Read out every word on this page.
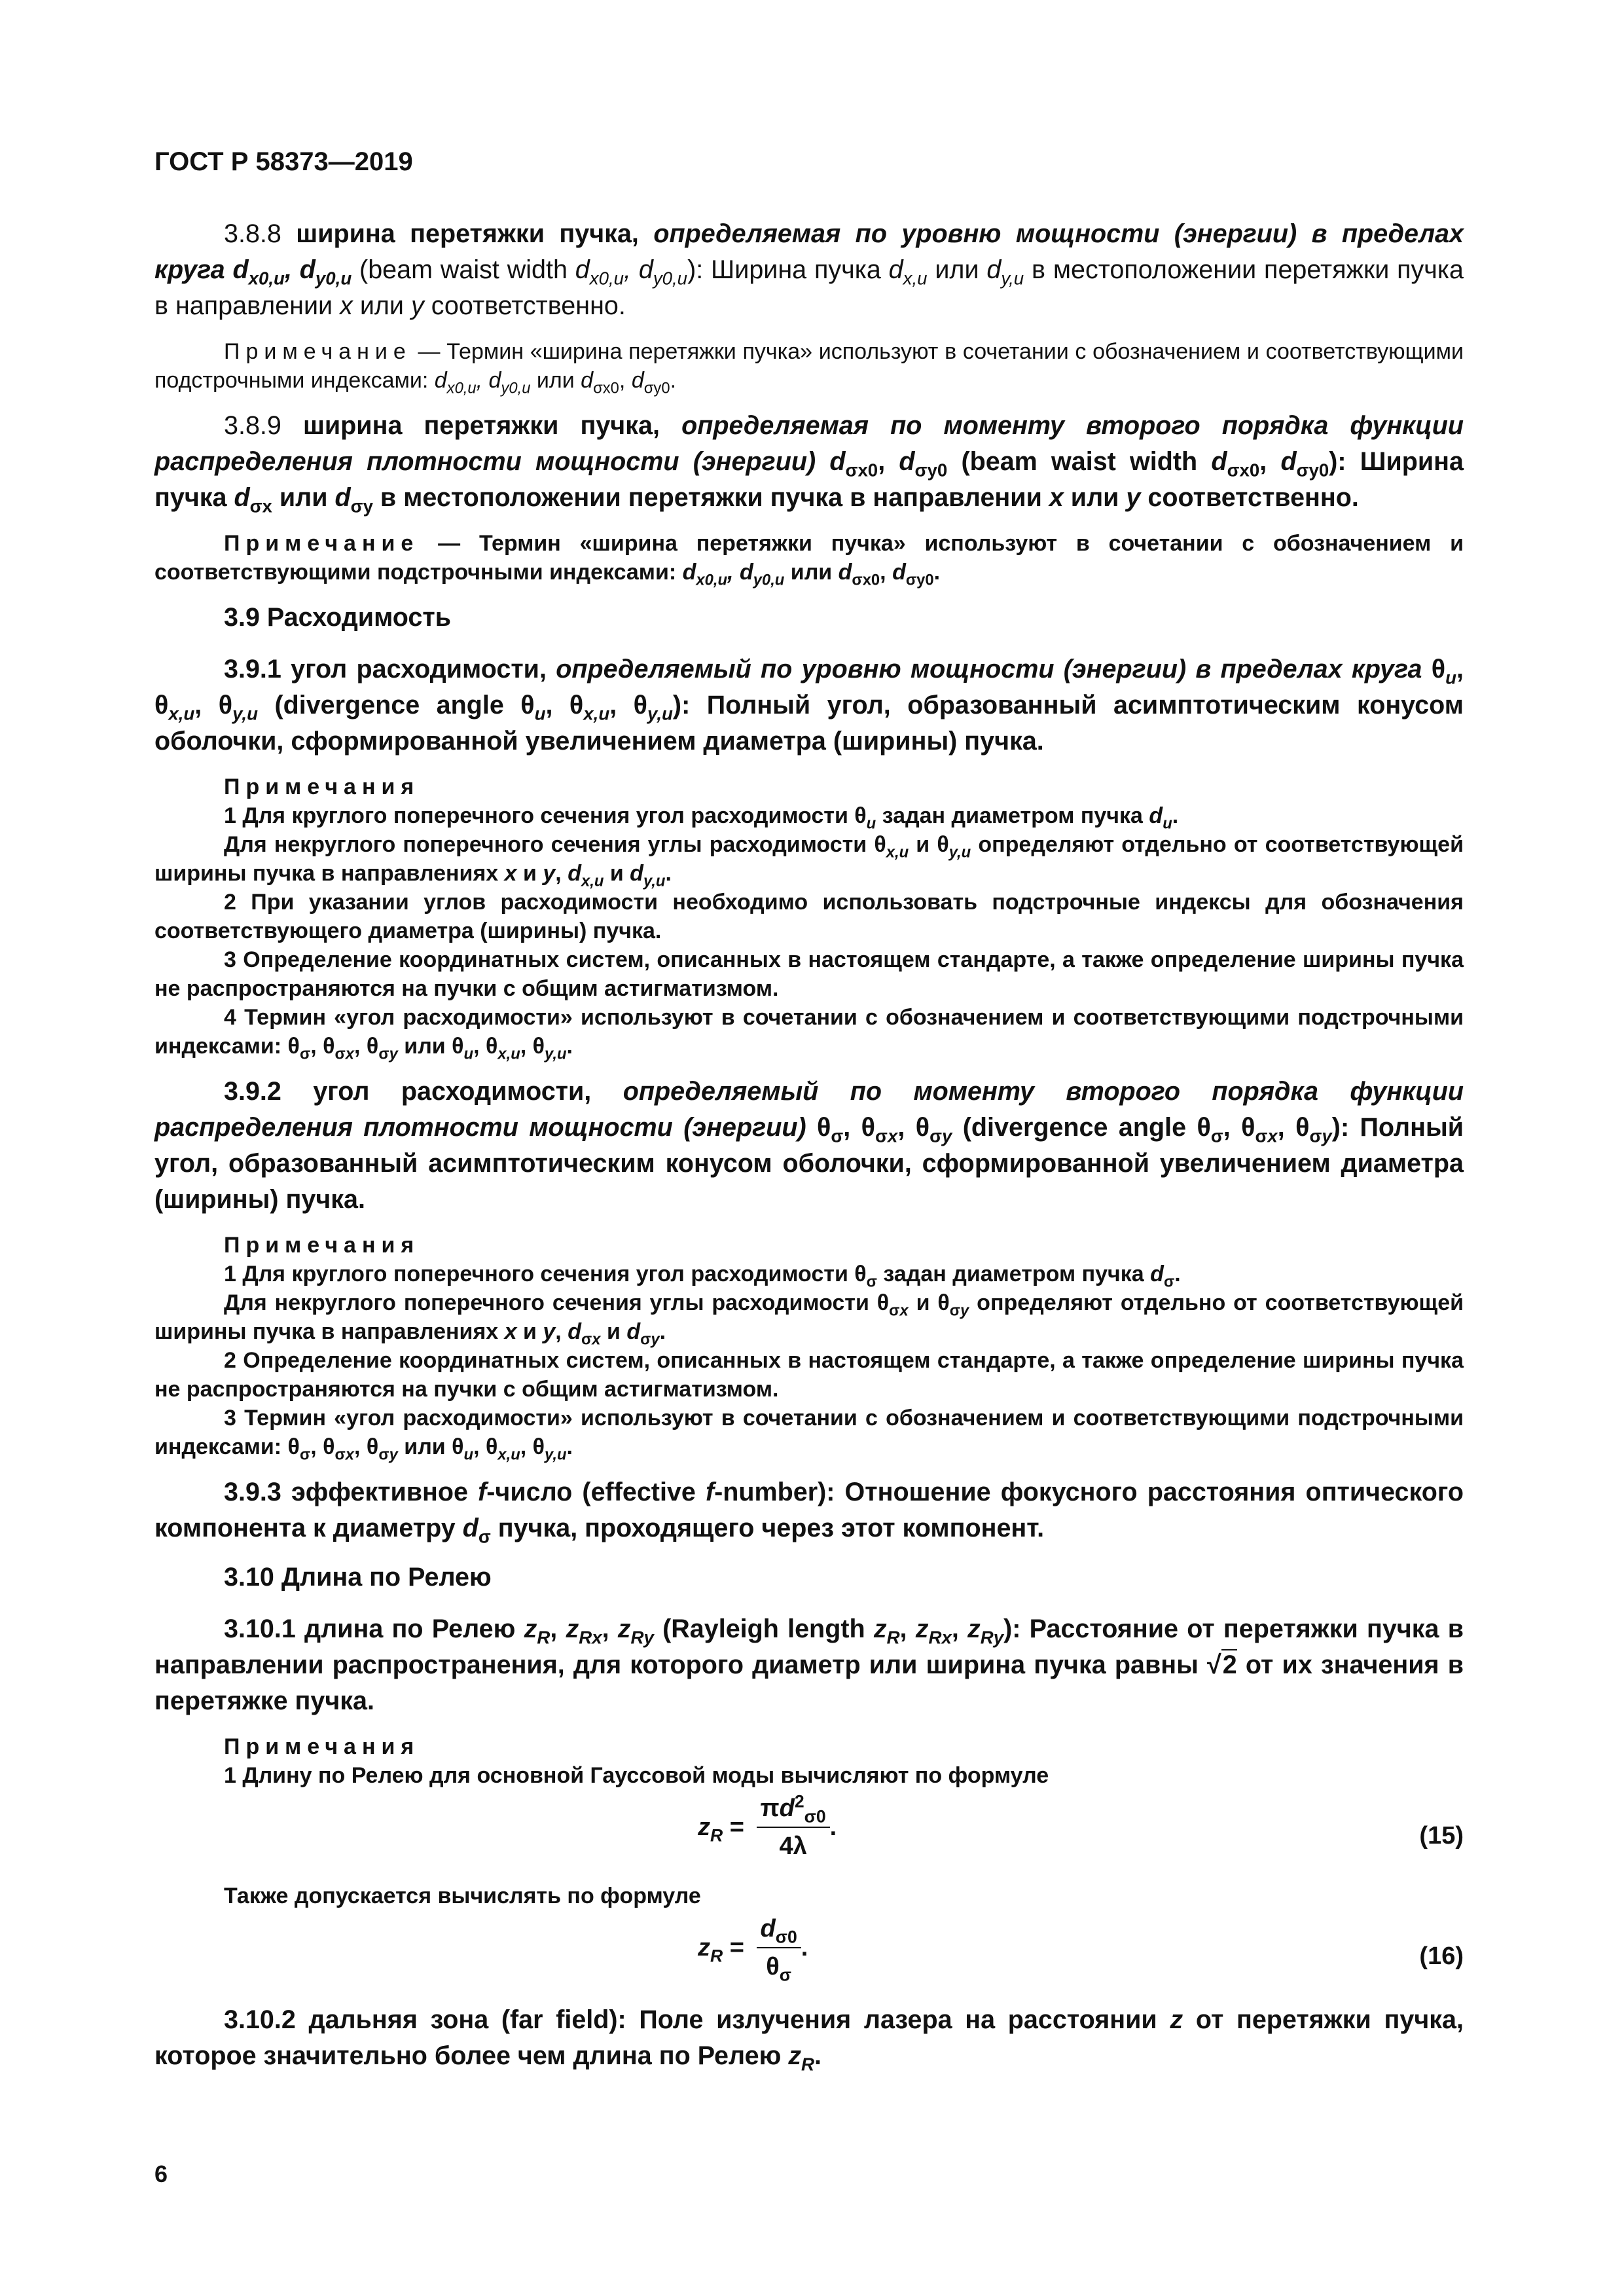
ГОСТ Р 58373—2019

3.8.8 ширина перетяжки пучка, определяемая по уровню мощности (энергии) в пределах круга $d_{x0,u}$, $d_{y0,u}$ (beam waist width $d_{x0,u}$, $d_{y0,u}$): Ширина пучка $d_{x,u}$ или $d_{y,u}$ в местоположении перетяжки пучка в направлении x или y соответственно.

Примечание — Термин «ширина перетяжки пучка» используют в сочетании с обозначением и соответствующими подстрочными индексами: $d_{x0,u}$, $d_{y0,u}$ или $d_{\sigma x0}$, $d_{\sigma y0}$.

3.8.9 ширина перетяжки пучка, определяемая по моменту второго порядка функции распределения плотности мощности (энергии) $d_{\sigma x0}$, $d_{\sigma y0}$ (beam waist width $d_{\sigma x0}$, $d_{\sigma y0}$): Ширина пучка $d_{\sigma x}$ или $d_{\sigma y}$ в местоположении перетяжки пучка в направлении x или y соответственно.

Примечание — Термин «ширина перетяжки пучка» используют в сочетании с обозначением и соответствующими подстрочными индексами: $d_{x0,u}$, $d_{y0,u}$ или $d_{\sigma x0}$, $d_{\sigma y0}$.

3.9 Расходимость

3.9.1 угол расходимости, определяемый по уровню мощности (энергии) в пределах круга $\theta_u$, $\theta_{x,u}$, $\theta_{y,u}$ (divergence angle $\theta_u$, $\theta_{x,u}$, $\theta_{y,u}$): Полный угол, образованный асимптотическим конусом оболочки, сформированной увеличением диаметра (ширины) пучка.

Примечания

1 Для круглого поперечного сечения угол расходимости $\theta_u$ задан диаметром пучка $d_u$.

Для некруглого поперечного сечения углы расходимости $\theta_{x,u}$ и $\theta_{y,u}$ определяют отдельно от соответствующей ширины пучка в направлениях x и y, $d_{x,u}$ и $d_{y,u}$.

2 При указании углов расходимости необходимо использовать подстрочные индексы для обозначения соответствующего диаметра (ширины) пучка.

3 Определение координатных систем, описанных в настоящем стандарте, а также определение ширины пучка не распространяются на пучки с общим астигматизмом.

4 Термин «угол расходимости» используют в сочетании с обозначением и соответствующими подстрочными индексами: $\theta_\sigma$, $\theta_{\sigma x}$, $\theta_{\sigma y}$ или $\theta_u$, $\theta_{x,u}$, $\theta_{y,u}$.

3.9.2 угол расходимости, определяемый по моменту второго порядка функции распределения плотности мощности (энергии) $\theta_\sigma$, $\theta_{\sigma x}$, $\theta_{\sigma y}$ (divergence angle $\theta_\sigma$, $\theta_{\sigma x}$, $\theta_{\sigma y}$): Полный угол, образованный асимптотическим конусом оболочки, сформированной увеличением диаметра (ширины) пучка.

Примечания

1 Для круглого поперечного сечения угол расходимости $\theta_\sigma$ задан диаметром пучка $d_\sigma$.

Для некруглого поперечного сечения углы расходимости $\theta_{\sigma x}$ и $\theta_{\sigma y}$ определяют отдельно от соответствующей ширины пучка в направлениях x и y, $d_{\sigma x}$ и $d_{\sigma y}$.

2 Определение координатных систем, описанных в настоящем стандарте, а также определение ширины пучка не распространяются на пучки с общим астигматизмом.

3 Термин «угол расходимости» используют в сочетании с обозначением и соответствующими подстрочными индексами: $\theta_\sigma$, $\theta_{\sigma x}$, $\theta_{\sigma y}$ или $\theta_u$, $\theta_{x,u}$, $\theta_{y,u}$.

3.9.3 эффективное f-число (effective f-number): Отношение фокусного расстояния оптического компонента к диаметру $d_\sigma$ пучка, проходящего через этот компонент.

3.10 Длина по Релею

3.10.1 длина по Релею $z_R$, $z_{Rx}$, $z_{Ry}$ (Rayleigh length $z_R$, $z_{Rx}$, $z_{Ry}$): Расстояние от перетяжки пучка в направлении распространения, для которого диаметр или ширина пучка равны √2 от их значения в перетяжке пучка.

Примечания

1 Длину по Релею для основной Гауссовой моды вычисляют по формуле

$z_R = \frac{\pi d^2_{\sigma 0}}{4\lambda}$ .	(15)

Также допускается вычислять по формуле

$z_R = \frac{d_{\sigma 0}}{\theta_\sigma}$ .	(16)

3.10.2 дальняя зона (far field): Поле излучения лазера на расстоянии z от перетяжки пучка, которое значительно более чем длина по Релею $z_R$.

6
